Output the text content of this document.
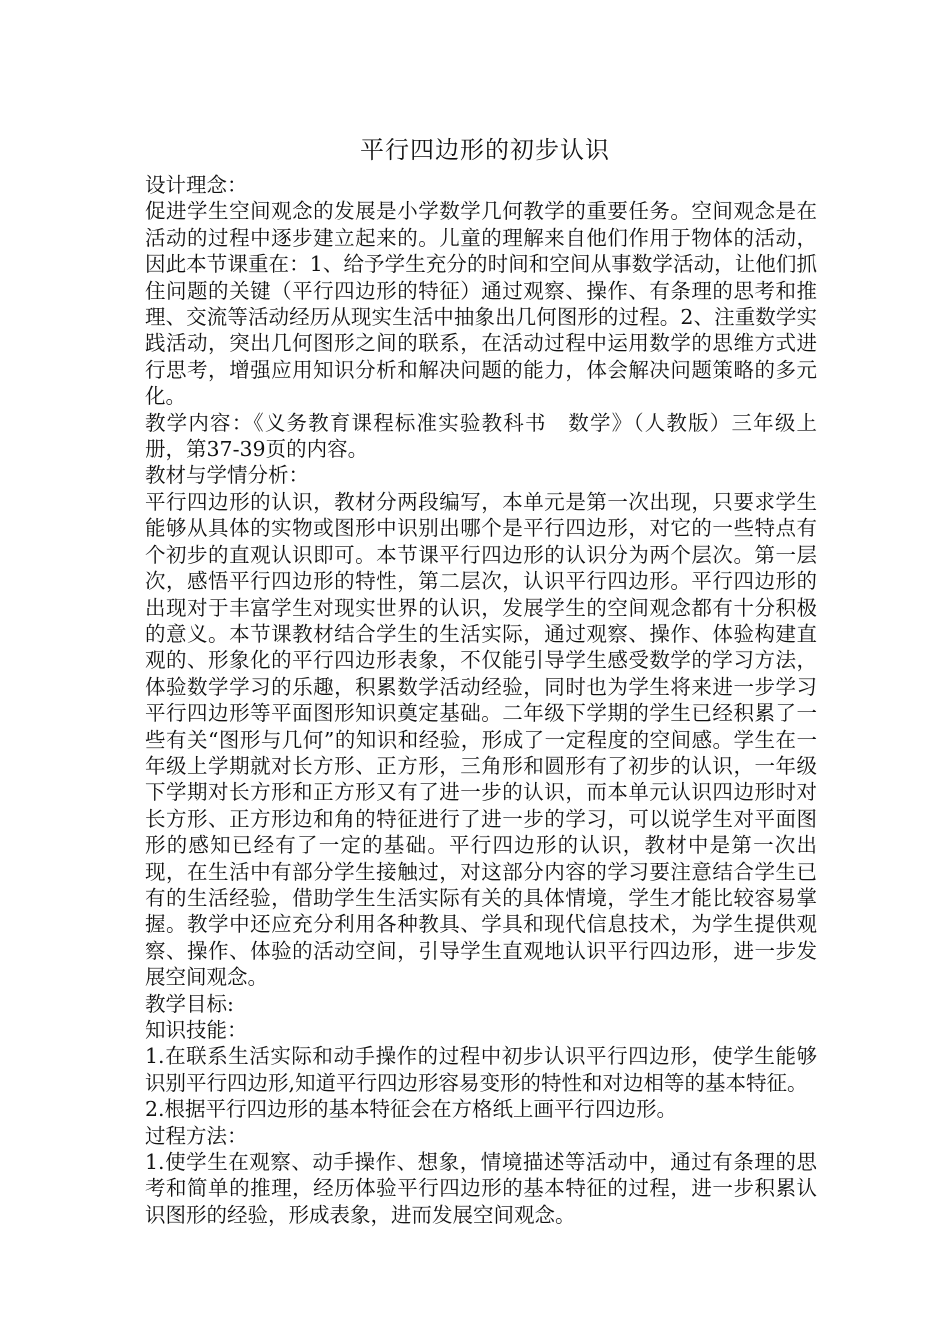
平行四边形的初步认识

设计理念：

促进学生空间观念的发展是小学数学几何教学的重要任务。空间观念是在活动的过程中逐步建立起来的。儿童的理解来自他们作用于物体的活动，因此本节课重在：1、给予学生充分的时间和空间从事数学活动，让他们抓住问题的关键（平行四边形的特征）通过观察、操作、有条理的思考和推理、交流等活动经历从现实生活中抽象出几何图形的过程。2、注重数学实践活动，突出几何图形之间的联系，在活动过程中运用数学的思维方式进行思考，增强应用知识分析和解决问题的能力，体会解决问题策略的多元化。

教学内容：《义务教育课程标准实验教科书　数学》（人教版）三年级上册，第37-39页的内容。

教材与学情分析：

平行四边形的认识，教材分两段编写，本单元是第一次出现，只要求学生能够从具体的实物或图形中识别出哪个是平行四边形，对它的一些特点有个初步的直观认识即可。本节课平行四边形的认识分为两个层次。第一层次，感悟平行四边形的特性，第二层次，认识平行四边形。平行四边形的出现对于丰富学生对现实世界的认识，发展学生的空间观念都有十分积极的意义。本节课教材结合学生的生活实际，通过观察、操作、体验构建直观的、形象化的平行四边形表象，不仅能引导学生感受数学的学习方法，体验数学学习的乐趣，积累数学活动经验，同时也为学生将来进一步学习平行四边形等平面图形知识奠定基础。二年级下学期的学生已经积累了一些有关“图形与几何”的知识和经验，形成了一定程度的空间感。学生在一年级上学期就对长方形、正方形，三角形和圆形有了初步的认识，一年级下学期对长方形和正方形又有了进一步的认识，而本单元认识四边形时对长方形、正方形边和角的特征进行了进一步的学习，可以说学生对平面图形的感知已经有了一定的基础。平行四边形的认识，教材中是第一次出现，在生活中有部分学生接触过，对这部分内容的学习要注意结合学生已有的生活经验，借助学生生活实际有关的具体情境，学生才能比较容易掌握。教学中还应充分利用各种教具、学具和现代信息技术，为学生提供观察、操作、体验的活动空间，引导学生直观地认识平行四边形，进一步发展空间观念。

教学目标:

知识技能：

1.在联系生活实际和动手操作的过程中初步认识平行四边形，使学生能够识别平行四边形,知道平行四边形容易变形的特性和对边相等的基本特征。

2.根据平行四边形的基本特征会在方格纸上画平行四边形。

过程方法：

1.使学生在观察、动手操作、想象，情境描述等活动中，通过有条理的思考和简单的推理，经历体验平行四边形的基本特征的过程，进一步积累认识图形的经验，形成表象，进而发展空间观念。
